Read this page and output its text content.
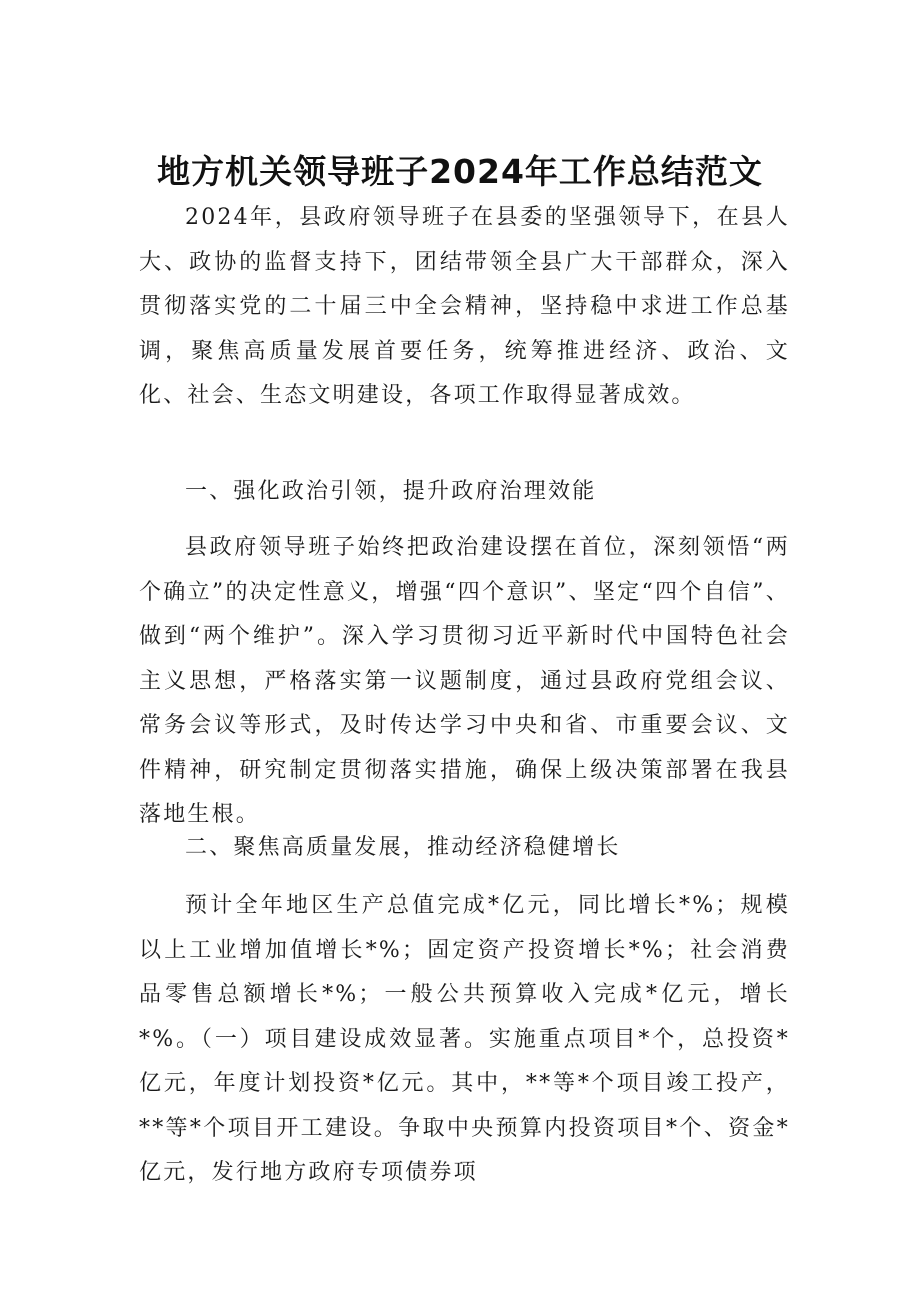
地方机关领导班子2024年工作总结范文

2024年，县政府领导班子在县委的坚强领导下，在县人大、政协的监督支持下，团结带领全县广大干部群众，深入贯彻落实党的二十届三中全会精神，坚持稳中求进工作总基调，聚焦高质量发展首要任务，统筹推进经济、政治、文化、社会、生态文明建设，各项工作取得显著成效。

一、强化政治引领，提升政府治理效能

县政府领导班子始终把政治建设摆在首位，深刻领悟“两个确立”的决定性意义，增强“四个意识”、坚定“四个自信”、做到“两个维护”。深入学习贯彻习近平新时代中国特色社会主义思想，严格落实第一议题制度，通过县政府党组会议、常务会议等形式，及时传达学习中央和省、市重要会议、文件精神，研究制定贯彻落实措施，确保上级决策部署在我县落地生根。

二、聚焦高质量发展，推动经济稳健增长

预计全年地区生产总值完成*亿元，同比增长*%；规模以上工业增加值增长*%；固定资产投资增长*%；社会消费品零售总额增长*%；一般公共预算收入完成*亿元，增长*%。（一）项目建设成效显著。实施重点项目*个，总投资*亿元，年度计划投资*亿元。其中，**等*个项目竣工投产，**等*个项目开工建设。争取中央预算内投资项目*个、资金*亿元，发行地方政府专项债券项
